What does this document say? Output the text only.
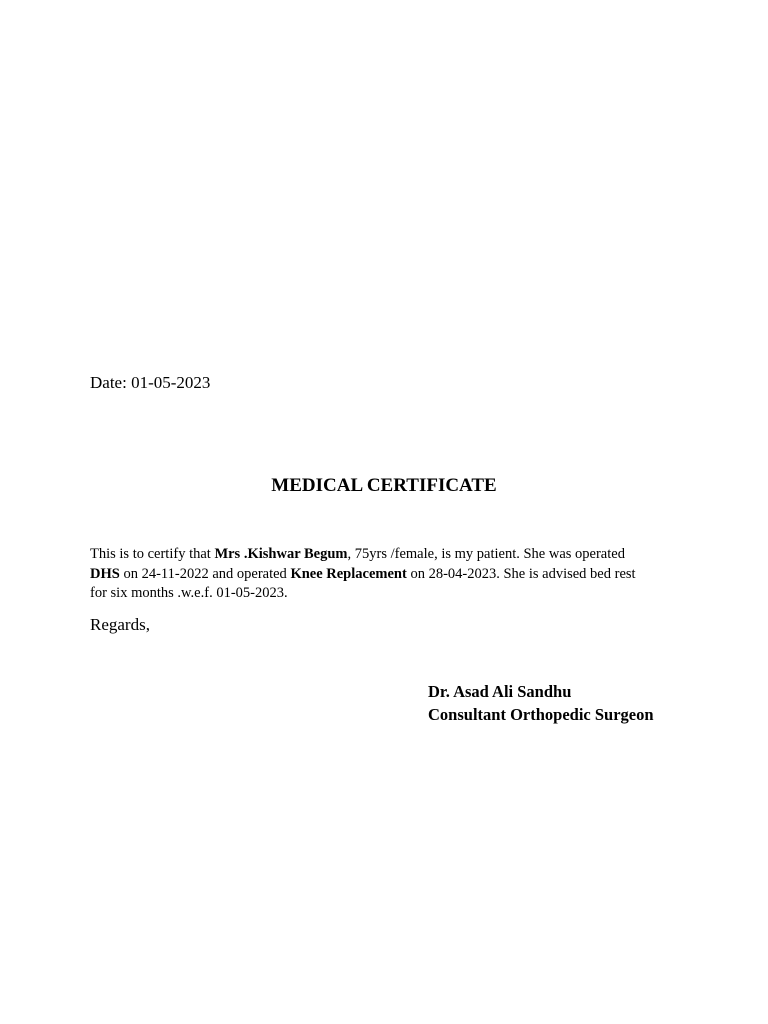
Date: 01-05-2023
MEDICAL CERTIFICATE
This is to certify that Mrs .Kishwar Begum, 75yrs /female, is my patient. She was operated
DHS on 24-11-2022 and operated Knee Replacement on 28-04-2023. She is advised bed rest
for six months .w.e.f. 01-05-2023.
Regards,
Dr. Asad Ali Sandhu
Consultant Orthopedic Surgeon
